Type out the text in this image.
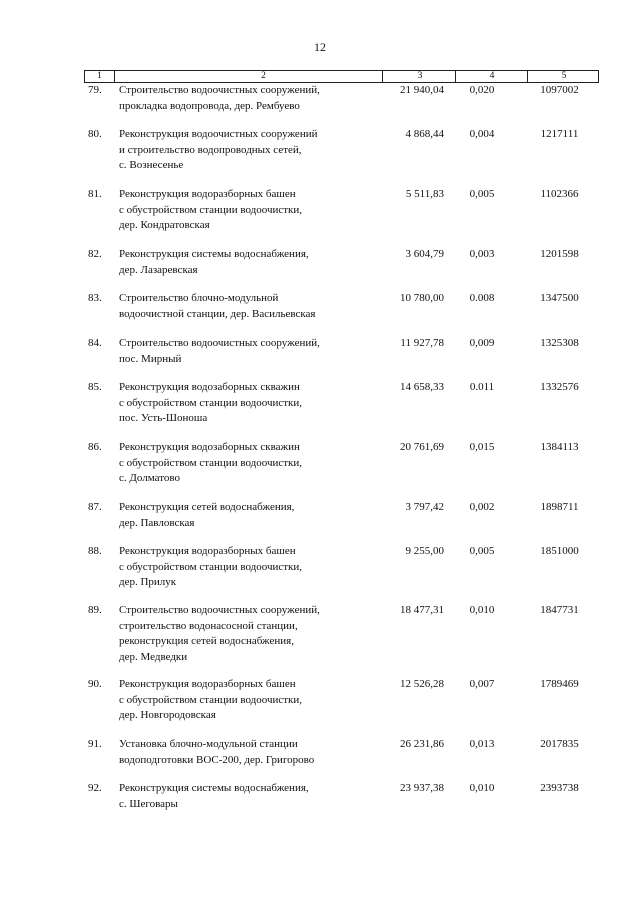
12
1	2	3	4	5
79.	Строительство водоочистных сооружений,
прокладка водопровода, дер. Рембуево
21 940,04	0,020	1097002
80.	Реконструкция водоочистных сооружений
и строительство водопроводных сетей,
с. Вознесенье
4 868,44	0,004	1217111
81.	Реконструкция водоразборных башен
с обустройством станции водоочистки,
дер. Кондратовская
5 511,83	0,005	1102366
82.	Реконструкция системы водоснабжения,
дер. Лазаревская
3 604,79	0,003	1201598
83.	Строительство блочно-модульной
водоочистной станции, дер. Васильевская
10 780,00	0.008	1347500
84.	Строительство водоочистных сооружений,
пос. Мирный
11 927,78	0,009	1325308
85.	Реконструкция водозаборных скважин
с обустройством станции водоочистки,
пос. Усть-Шоноша
14 658,33	0.011	1332576
86.	Реконструкция водозаборных скважин
с обустройством станции водоочистки,
с. Долматово
20 761,69	0,015	1384113
87.	Реконструкция сетей водоснабжения,
дер. Павловская
3 797,42	0,002	1898711
88.	Реконструкция водоразборных башен
с обустройством станции водоочистки,
дер. Прилук
9 255,00	0,005	1851000
89.	Строительство водоочистных сооружений,
строительство водонасосной станции,
реконструкция сетей водоснабжения,
дер. Медведки
18 477,31	0,010	1847731
90.	Реконструкция водоразборных башен
с обустройством станции водоочистки,
дер. Новгородовская
12 526,28	0,007	1789469
91.	Установка блочно-модульной станции
водоподготовки ВОС-200, дер. Григорово
26 231,86	0,013	2017835
92.	Реконструкция системы водоснабжения,
с. Шеговары
23 937,38	0,010	2393738
